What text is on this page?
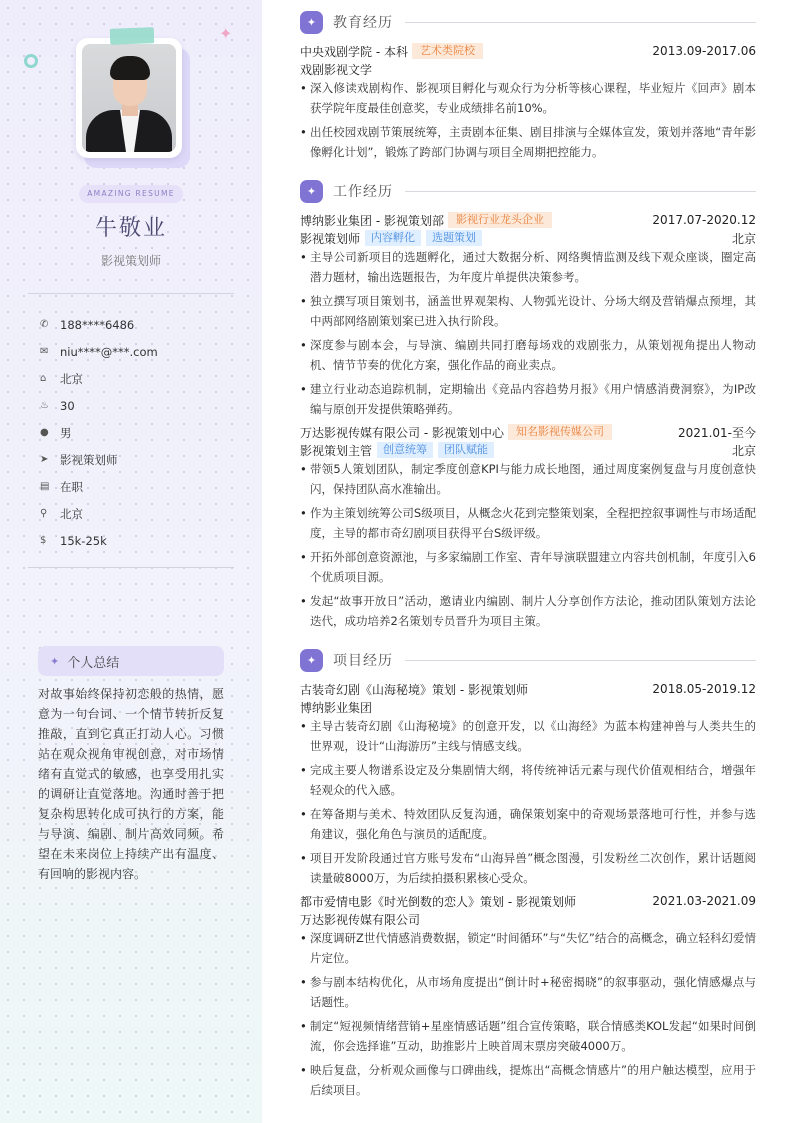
✦
AMAZING RESUME
牛敬业
影视策划师
✆	188****6486
✉	niu****@***.com
⌂	北京
♨ 30
● 男
➤	影视策划师
▤ 在职
⚲	北京
$	15k-25k
✦ 个人总结
对故事始终保持初恋般的热情，愿意为一句台词、一个情节转折反复推敲，直到它真正打动人心。习惯站在观众视角审视创意，对市场情绪有直觉式的敏感，也享受用扎实的调研让直觉落地。沟通时善于把复杂构思转化成可执行的方案，能与导演、编剧、制片高效同频。希望在未来岗位上持续产出有温度、有回响的影视内容。
✦	教育经历
中央戏剧学院 - 本科	艺术类院校	2013.09-2017.06
戏剧影视文学
• 深入修读戏剧构作、影视项目孵化与观众行为分析等核心课程，毕业短片《回声》剧本获学院年度最佳创意奖，专业成绩排名前10%。
• 出任校园戏剧节策展统筹，主责剧本征集、剧目排演与全媒体宣发，策划并落地“青年影像孵化计划”，锻炼了跨部门协调与项目全周期把控能力。
✦	工作经历
博纳影业集团 - 影视策划部	影视行业龙头企业	2017.07-2020.12
影视策划师	内容孵化	选题策划	北京
• 主导公司新项目的选题孵化，通过大数据分析、网络舆情监测及线下观众座谈，圈定高潜力题材，输出选题报告，为年度片单提供决策参考。
• 独立撰写项目策划书，涵盖世界观架构、人物弧光设计、分场大纲及营销爆点预埋，其中两部网络剧策划案已进入执行阶段。
• 深度参与剧本会，与导演、编剧共同打磨每场戏的戏剧张力，从策划视角提出人物动机、情节节奏的优化方案，强化作品的商业卖点。
• 建立行业动态追踪机制，定期输出《竞品内容趋势月报》《用户情感消费洞察》，为IP改编与原创开发提供策略弹药。
万达影视传媒有限公司 - 影视策划中心	知名影视传媒公司	2021.01-至今
影视策划主管	创意统筹	团队赋能	北京
• 带领5人策划团队，制定季度创意KPI与能力成长地图，通过周度案例复盘与月度创意快闪，保持团队高水准输出。
• 作为主策划统筹公司S级项目，从概念火花到完整策划案，全程把控叙事调性与市场适配度，主导的都市奇幻剧项目获得平台S级评级。
• 开拓外部创意资源池，与多家编剧工作室、青年导演联盟建立内容共创机制，年度引入6个优质项目源。
• 发起“故事开放日”活动，邀请业内编剧、制片人分享创作方法论，推动团队策划方法论迭代，成功培养2名策划专员晋升为项目主策。
✦	项目经历
古装奇幻剧《山海秘境》策划 - 影视策划师	2018.05-2019.12
博纳影业集团
• 主导古装奇幻剧《山海秘境》的创意开发，以《山海经》为蓝本构建神兽与人类共生的世界观，设计“山海游历”主线与情感支线。
• 完成主要人物谱系设定及分集剧情大纲，将传统神话元素与现代价值观相结合，增强年轻观众的代入感。
• 在筹备期与美术、特效团队反复沟通，确保策划案中的奇观场景落地可行性，并参与选角建议，强化角色与演员的适配度。
• 项目开发阶段通过官方账号发布“山海异兽”概念图漫，引发粉丝二次创作，累计话题阅读量破8000万，为后续拍摄积累核心受众。
都市爱情电影《时光倒数的恋人》策划 - 影视策划师	2021.03-2021.09
万达影视传媒有限公司
• 深度调研Z世代情感消费数据，锁定“时间循环”与“失忆”结合的高概念，确立轻科幻爱情片定位。
• 参与剧本结构优化，从市场角度提出“倒计时+秘密揭晓”的叙事驱动，强化情感爆点与话题性。
• 制定“短视频情绪营销+星座情感话题”组合宣传策略，联合情感类KOL发起“如果时间倒流，你会选择谁”互动，助推影片上映首周末票房突破4000万。
• 映后复盘，分析观众画像与口碑曲线，提炼出“高概念情感片”的用户触达模型，应用于后续项目。
